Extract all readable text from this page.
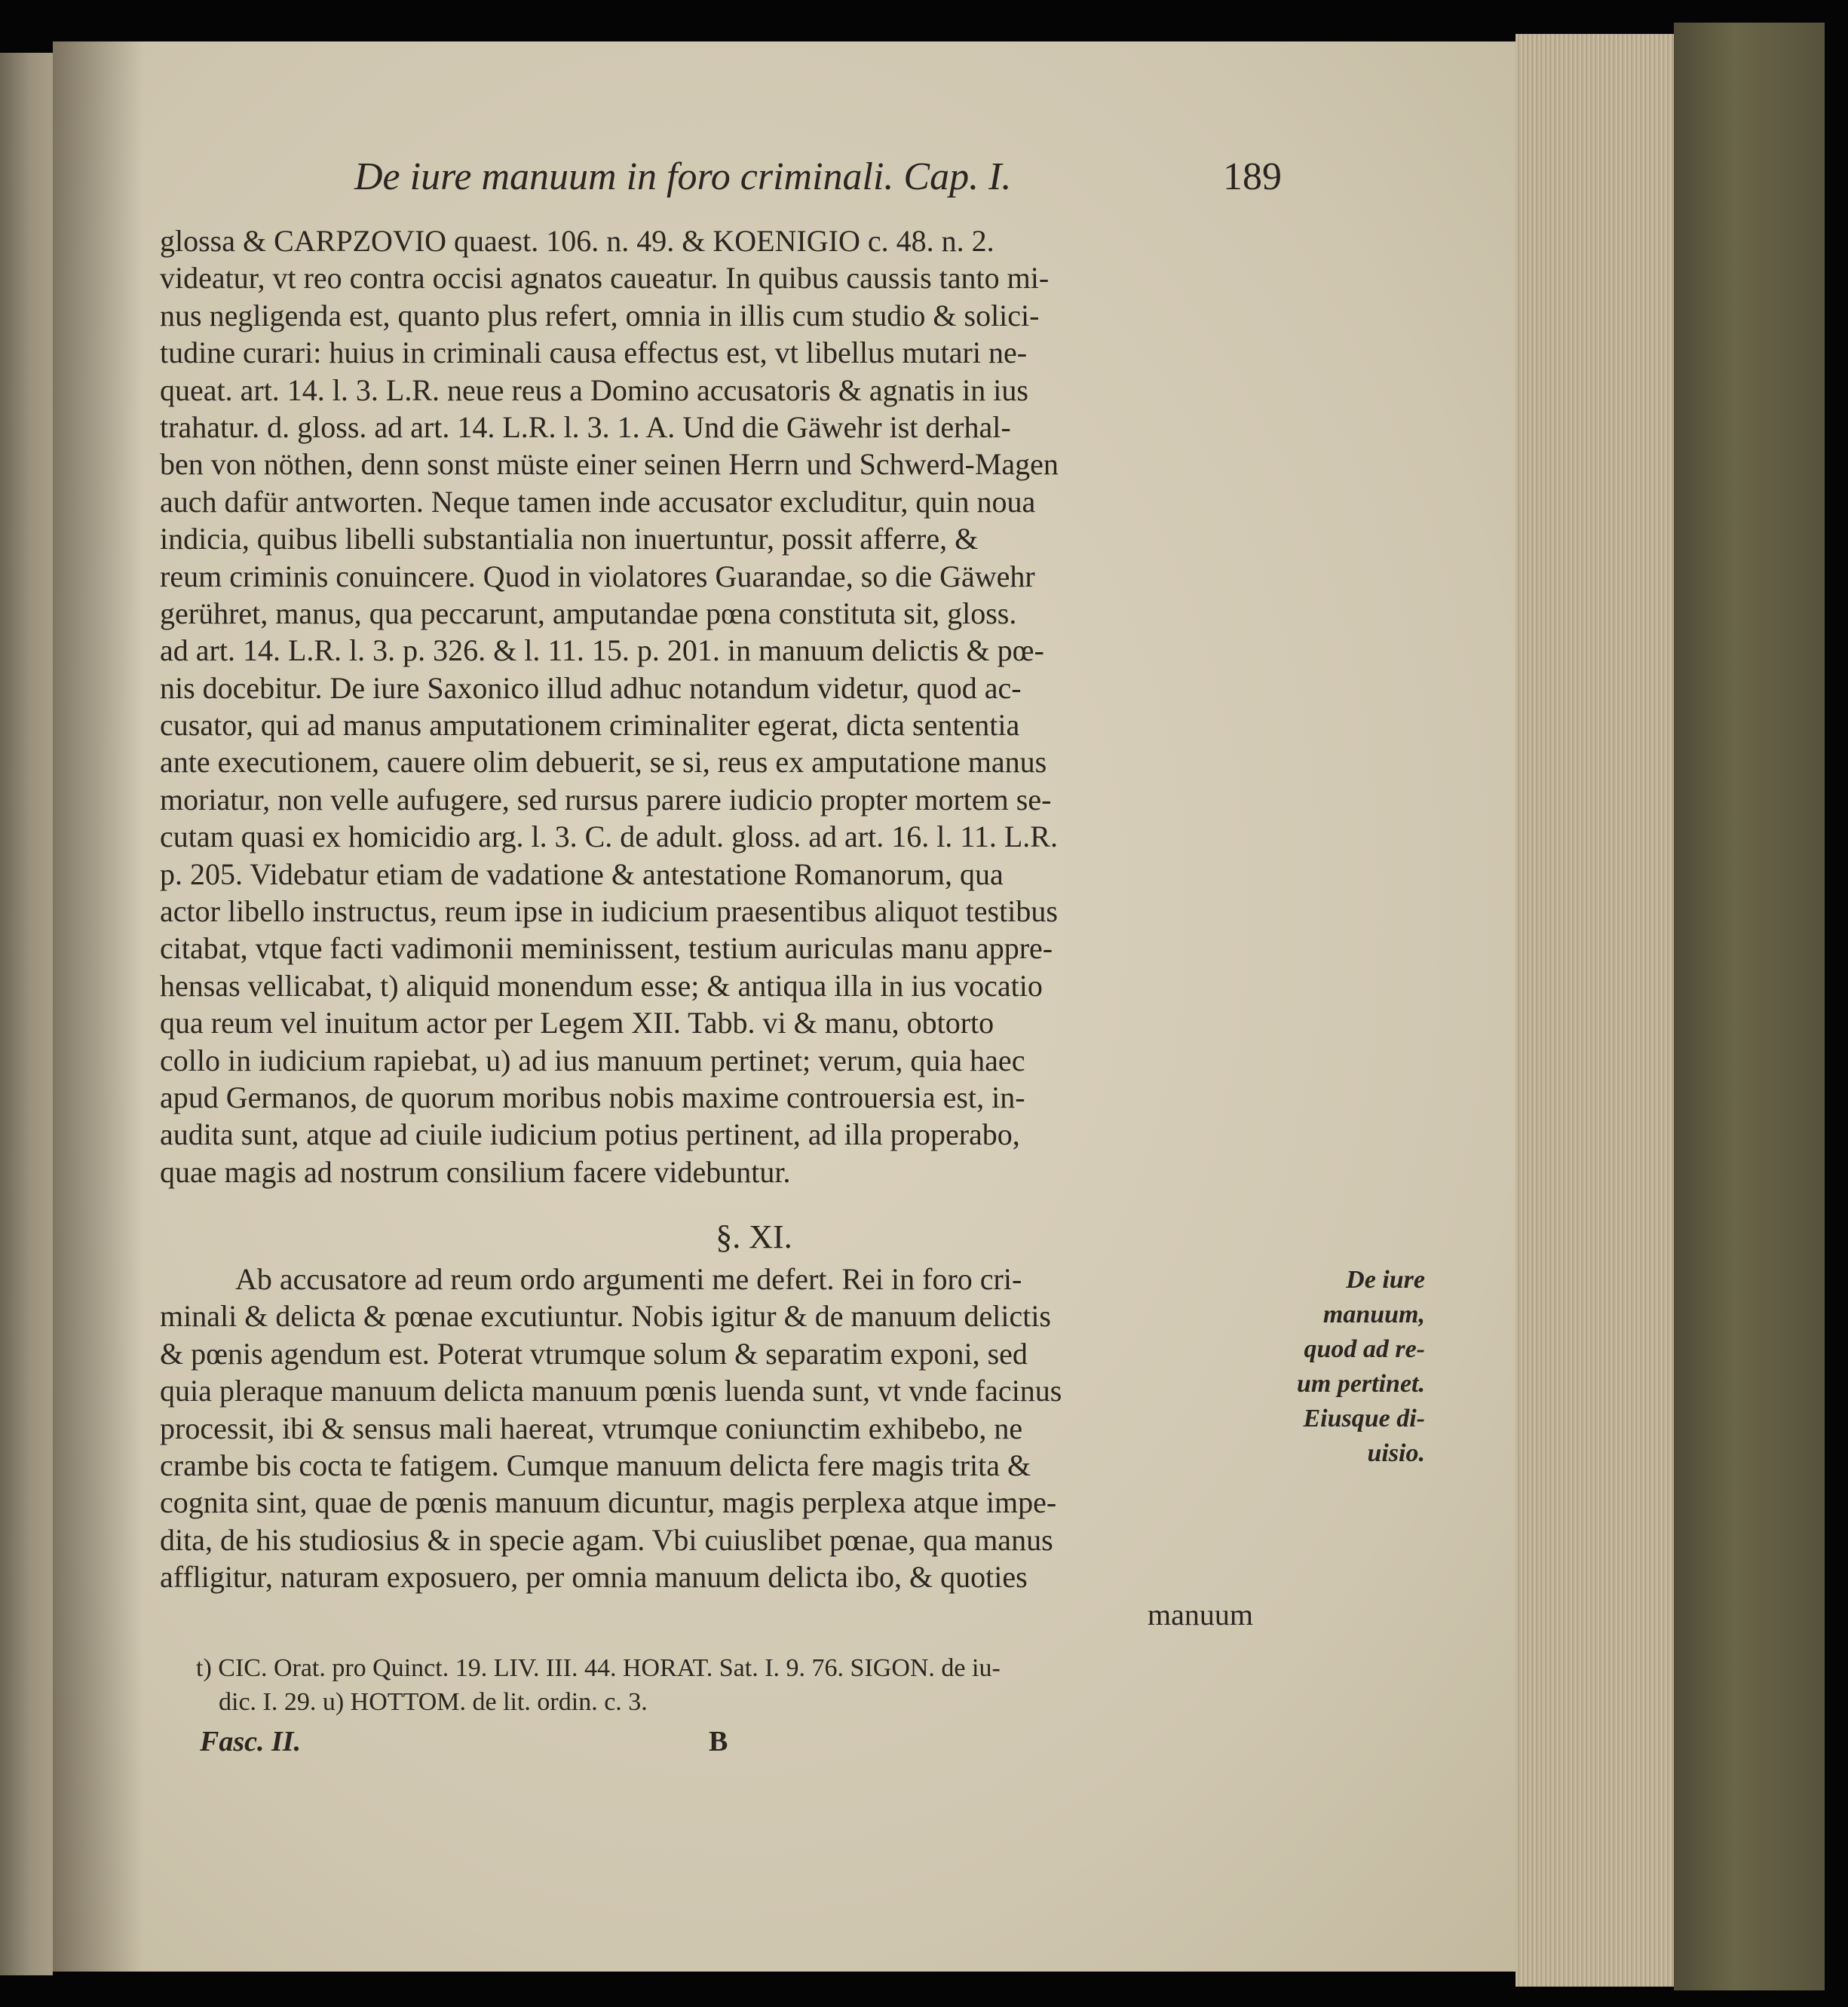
De iure manuum in foro criminali. Cap. I.	189
glossa & CARPZOVIO quaest. 106. n. 49. & KOENIGIO c. 48. n. 2.
videatur, vt reo contra occisi agnatos caueatur. In quibus caussis tanto mi-
nus negligenda est, quanto plus refert, omnia in illis cum studio & solici-
tudine curari: huius in criminali causa effectus est, vt libellus mutari ne-
queat. art. 14. l. 3. L.R. neue reus a Domino accusatoris & agnatis in ius
trahatur. d. gloss. ad art. 14. L.R. l. 3. 1. A. Und die Gäwehr ist derhal-
ben von nöthen, denn sonst müste einer seinen Herrn und Schwerd-Magen
auch dafür antworten. Neque tamen inde accusator excluditur, quin noua
indicia, quibus libelli substantialia non inuertuntur, possit afferre, &
reum criminis conuincere. Quod in violatores Guarandae, so die Gäwehr
gerühret, manus, qua peccarunt, amputandae pœna constituta sit, gloss.
ad art. 14. L.R. l. 3. p. 326. & l. 11. 15. p. 201. in manuum delictis & pœ-
nis docebitur. De iure Saxonico illud adhuc notandum videtur, quod ac-
cusator, qui ad manus amputationem criminaliter egerat, dicta sententia
ante executionem, cauere olim debuerit, se si, reus ex amputatione manus
moriatur, non velle aufugere, sed rursus parere iudicio propter mortem se-
cutam quasi ex homicidio arg. l. 3. C. de adult. gloss. ad art. 16. l. 11. L.R.
p. 205. Videbatur etiam de vadatione & antestatione Romanorum, qua
actor libello instructus, reum ipse in iudicium praesentibus aliquot testibus
citabat, vtque facti vadimonii meminissent, testium auriculas manu appre-
hensas vellicabat, t) aliquid monendum esse; & antiqua illa in ius vocatio
qua reum vel inuitum actor per Legem XII. Tabb. vi & manu, obtorto
collo in iudicium rapiebat, u) ad ius manuum pertinet; verum, quia haec
apud Germanos, de quorum moribus nobis maxime controuersia est, in-
audita sunt, atque ad ciuile iudicium potius pertinent, ad illa properabo,
quae magis ad nostrum consilium facere videbuntur.
§. XI.
Ab accusatore ad reum ordo argumenti me defert. Rei in foro cri-
minali & delicta & pœnae excutiuntur. Nobis igitur & de manuum delictis
& pœnis agendum est. Poterat vtrumque solum & separatim exponi, sed
quia pleraque manuum delicta manuum pœnis luenda sunt, vt vnde facinus
processit, ibi & sensus mali haereat, vtrumque coniunctim exhibebo, ne
crambe bis cocta te fatigem. Cumque manuum delicta fere magis trita &
cognita sint, quae de pœnis manuum dicuntur, magis perplexa atque impe-
dita, de his studiosius & in specie agam. Vbi cuiuslibet pœnae, qua manus
affligitur, naturam exposuero, per omnia manuum delicta ibo, & quoties
manuum
De iure
manuum,
quod ad re-
um pertinet.
Eiusque di-
uisio.
t) CIC. Orat. pro Quinct. 19. LIV. III. 44. HORAT. Sat. I. 9. 76. SIGON. de iu-
dic. I. 29. u) HOTTOM. de lit. ordin. c. 3.
Fasc. II.	B
